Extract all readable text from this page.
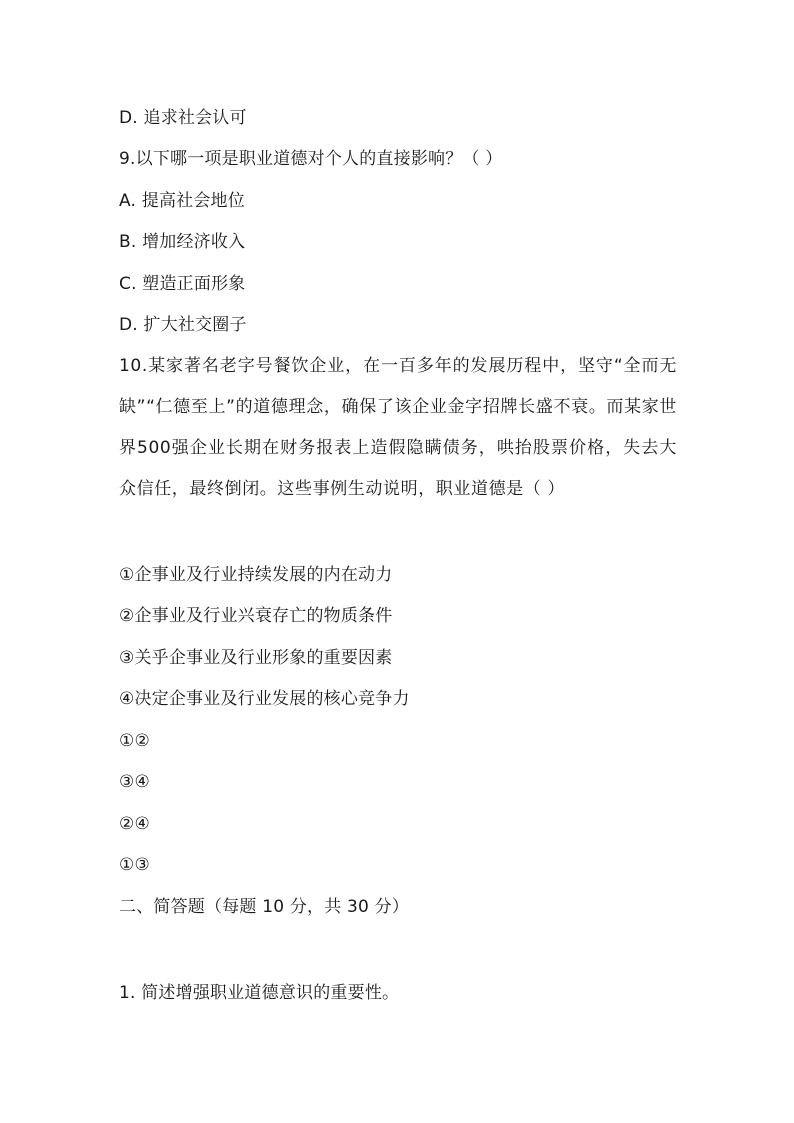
D. 追求社会认可
9.以下哪一项是职业道德对个人的直接影响？（ ）
A. 提高社会地位
B. 增加经济收入
C. 塑造正面形象
D. 扩大社交圈子
10.某家著名老字号餐饮企业，在一百多年的发展历程中，坚守“全而无缺”“仁德至上”的道德理念，确保了该企业金字招牌长盛不衰。而某家世界500强企业长期在财务报表上造假隐瞒债务，哄抬股票价格，失去大众信任，最终倒闭。这些事例生动说明，职业道德是（ ）
①企事业及行业持续发展的内在动力
②企事业及行业兴衰存亡的物质条件
③关乎企事业及行业形象的重要因素
④决定企事业及行业发展的核心竞争力
①②
③④
②④
①③
二、简答题（每题 10 分，共 30 分）
1. 简述增强职业道德意识的重要性。
